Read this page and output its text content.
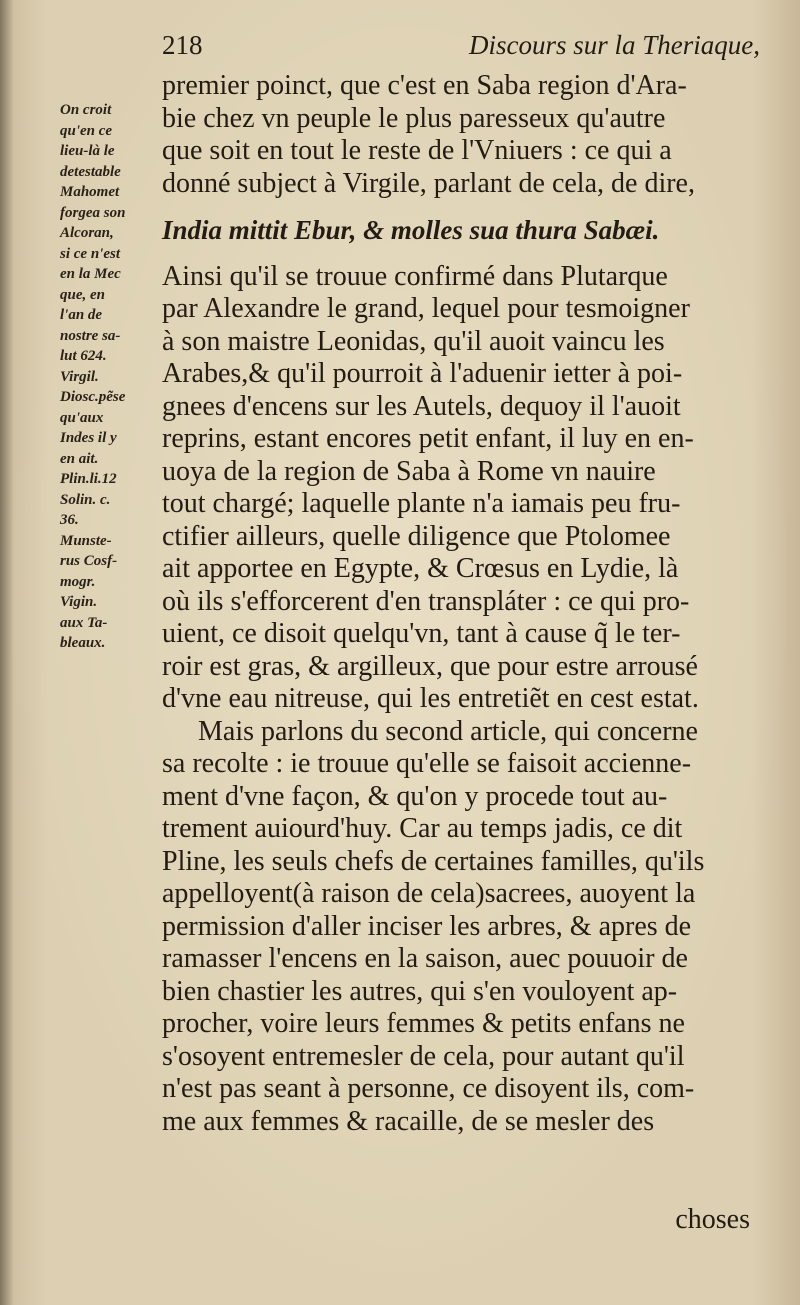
218	Discours sur la Theriaque,
On croit
qu'en ce
lieu-là le
detestable
Mahomet
forgea son
Alcoran,
si ce n'est
en la Mec
que, en
l'an de
nostre sa-
lut 624.
Virgil.
Diosc.pẽse
qu'aux
Indes il y
en ait.
Plin.li.12
Solin. c.
36.
Munste-
rus Cosf-
mogr.
Vigin.
aux Ta-
bleaux.
premier poinct, que c'est en Saba region d'Ara-
bie chez vn peuple le plus paresseux qu'autre
que soit en tout le reste de l'Vniuers : ce qui a
donné subject à Virgile, parlant de cela, de dire,
India mittit Ebur, & molles sua thura Sabæi.
Ainsi qu'il se trouue confirmé dans Plutarque
par Alexandre le grand, lequel pour tesmoigner
à son maistre Leonidas, qu'il auoit vaincu les
Arabes,& qu'il pourroit à l'aduenir ietter à poi-
gnees d'encens sur les Autels, dequoy il l'auoit
reprins, estant encores petit enfant, il luy en en-
uoya de la region de Saba à Rome vn nauire
tout chargé; laquelle plante n'a iamais peu fru-
ctifier ailleurs, quelle diligence que Ptolomee
ait apportee en Egypte, & Crœsus en Lydie, là
où ils s'efforcerent d'en transpláter : ce qui pro-
uient, ce disoit quelqu'vn, tant à cause q̃ le ter-
roir est gras, & argilleux, que pour estre arrousé
d'vne eau nitreuse, qui les entretiẽt en cest estat.
Mais parlons du second article, qui concerne
sa recolte : ie trouue qu'elle se faisoit accienne-
ment d'vne façon, & qu'on y procede tout au-
trement auiourd'huy. Car au temps jadis, ce dit
Pline, les seuls chefs de certaines familles, qu'ils
appelloyent(à raison de cela)sacrees, auoyent la
permission d'aller inciser les arbres, & apres de
ramasser l'encens en la saison, auec pouuoir de
bien chastier les autres, qui s'en vouloyent ap-
procher, voire leurs femmes & petits enfans ne
s'osoyent entremesler de cela, pour autant qu'il
n'est pas seant à personne, ce disoyent ils, com-
me aux femmes & racaille, de se mesler des
choses
